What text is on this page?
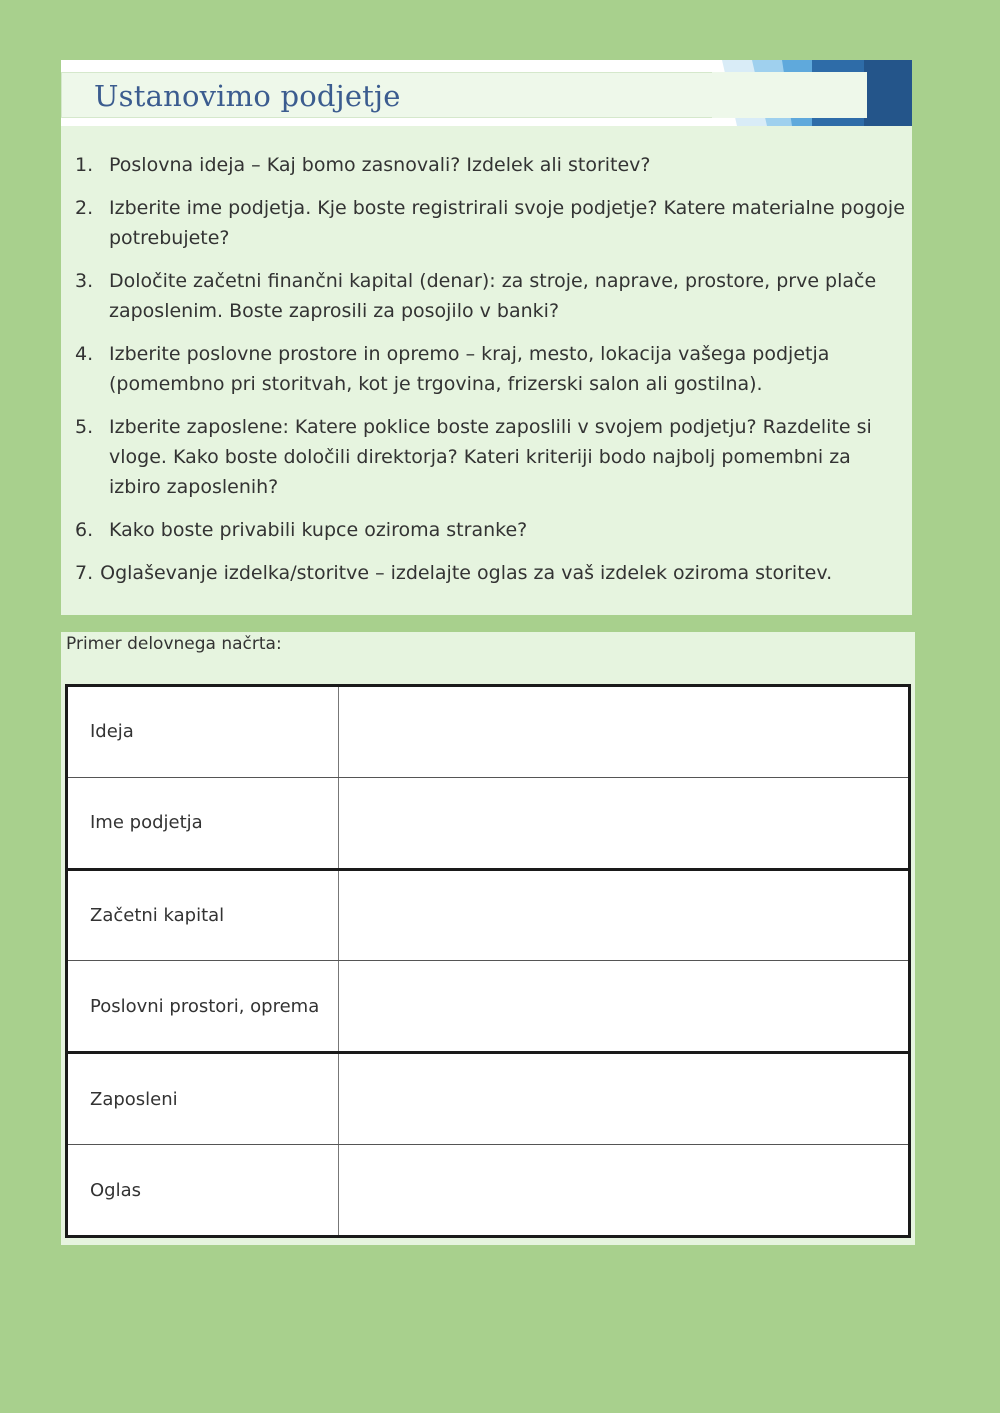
Ustanovimo podjetje
1. Poslovna ideja – Kaj bomo zasnovali? Izdelek ali storitev?
2. Izberite ime podjetja. Kje boste registrirali svoje podjetje? Katere materialne pogoje potrebujete?
3. Določite začetni finančni kapital (denar): za stroje, naprave, prostore, prve plače zaposlenim. Boste zaprosili za posojilo v banki?
4. Izberite poslovne prostore in opremo – kraj, mesto, lokacija vašega podjetja (pomembno pri storitvah, kot je trgovina, frizerski salon ali gostilna).
5. Izberite zaposlene: Katere poklice boste zaposlili v svojem podjetju? Razdelite si vloge. Kako boste določili direktorja? Kateri kriteriji bodo najbolj pomembni za izbiro zaposlenih?
6. Kako boste privabili kupce oziroma stranke?
7. Oglaševanje izdelka/storitve – izdelajte oglas za vaš izdelek oziroma storitev.
Primer delovnega načrta:
Ideja	
Ime podjetja	
Začetni kapital	
Poslovni prostori, oprema	
Zaposleni	
Oglas	
